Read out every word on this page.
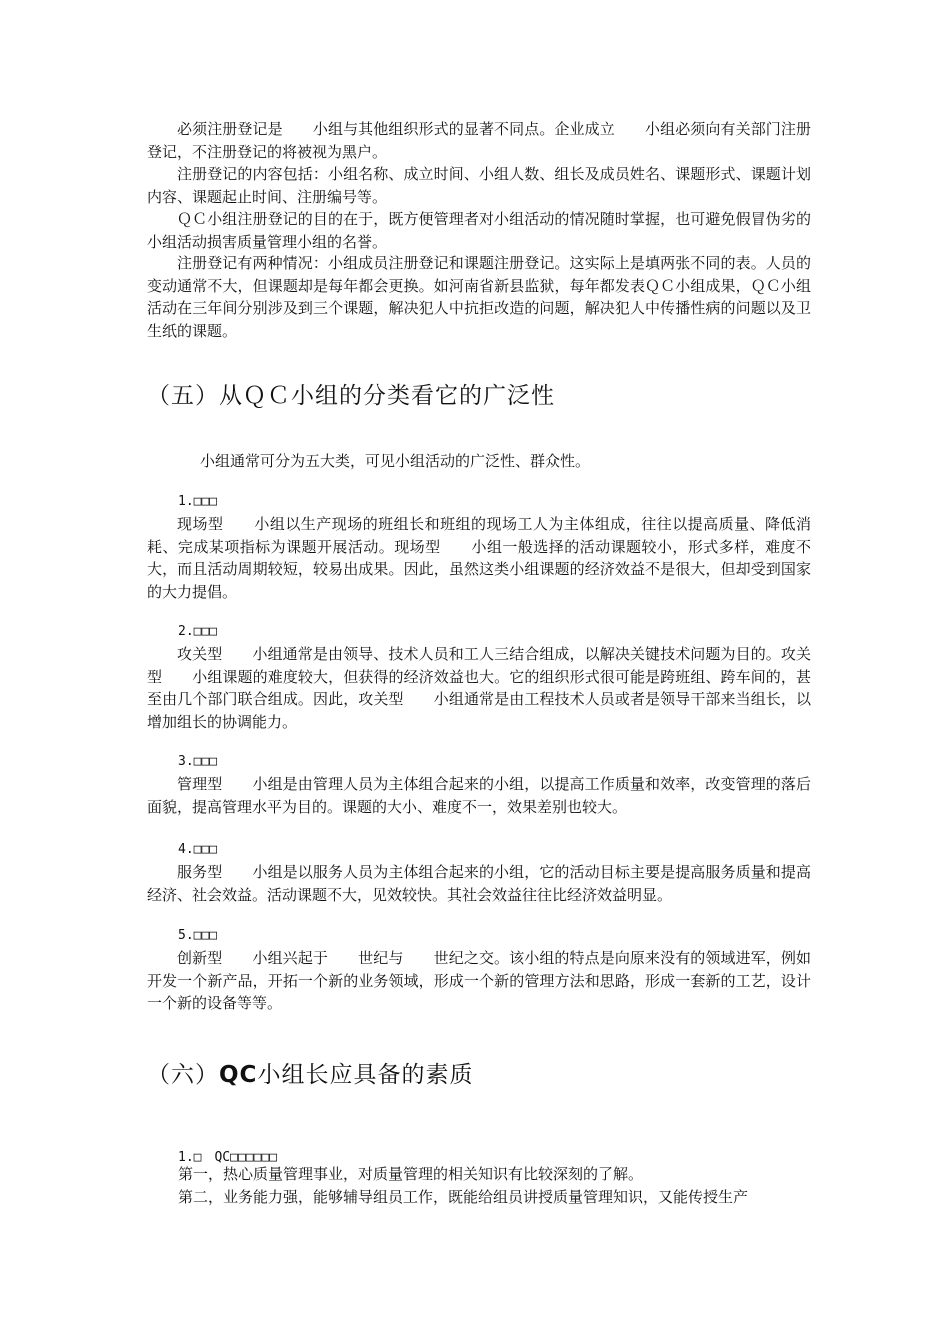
必须注册登记是　　小组与其他组织形式的显著不同点。企业成立　　小组必须向有关部门注册登记，不注册登记的将被视为黑户。

注册登记的内容包括：小组名称、成立时间、小组人数、组长及成员姓名、课题形式、课题计划内容、课题起止时间、注册编号等。

ＱＣ小组注册登记的目的在于，既方便管理者对小组活动的情况随时掌握，也可避免假冒伪劣的小组活动损害质量管理小组的名誉。

注册登记有两种情况：小组成员注册登记和课题注册登记。这实际上是填两张不同的表。人员的变动通常不大，但课题却是每年都会更换。如河南省新县监狱，每年都发表ＱＣ小组成果，ＱＣ小组活动在三年间分别涉及到三个课题，解决犯人中抗拒改造的问题，解决犯人中传播性病的问题以及卫生纸的课题。

（五）从ＱＣ小组的分类看它的广泛性

小组通常可分为五大类，可见小组活动的广泛性、群众性。

1.□□□

现场型　　小组以生产现场的班组长和班组的现场工人为主体组成，往往以提高质量、降低消耗、完成某项指标为课题开展活动。现场型　　小组一般选择的活动课题较小，形式多样，难度不大，而且活动周期较短，较易出成果。因此，虽然这类小组课题的经济效益不是很大，但却受到国家的大力提倡。

2.□□□

攻关型　　小组通常是由领导、技术人员和工人三结合组成，以解决关键技术问题为目的。攻关型　　小组课题的难度较大，但获得的经济效益也大。它的组织形式很可能是跨班组、跨车间的，甚至由几个部门联合组成。因此，攻关型　　小组通常是由工程技术人员或者是领导干部来当组长，以增加组长的协调能力。

3.□□□

管理型　　小组是由管理人员为主体组合起来的小组，以提高工作质量和效率，改变管理的落后面貌，提高管理水平为目的。课题的大小、难度不一，效果差别也较大。

4.□□□

服务型　　小组是以服务人员为主体组合起来的小组，它的活动目标主要是提高服务质量和提高经济、社会效益。活动课题不大，见效较快。其社会效益往往比经济效益明显。

5.□□□

创新型　　小组兴起于　　世纪与　　世纪之交。该小组的特点是向原来没有的领域进军，例如开发一个新产品，开拓一个新的业务领域，形成一个新的管理方法和思路，形成一套新的工艺，设计一个新的设备等等。

（六）QC小组长应具备的素质

1.□　QC□□□□□□

第一，热心质量管理事业，对质量管理的相关知识有比较深刻的了解。

第二，业务能力强，能够辅导组员工作，既能给组员讲授质量管理知识，又能传授生产
